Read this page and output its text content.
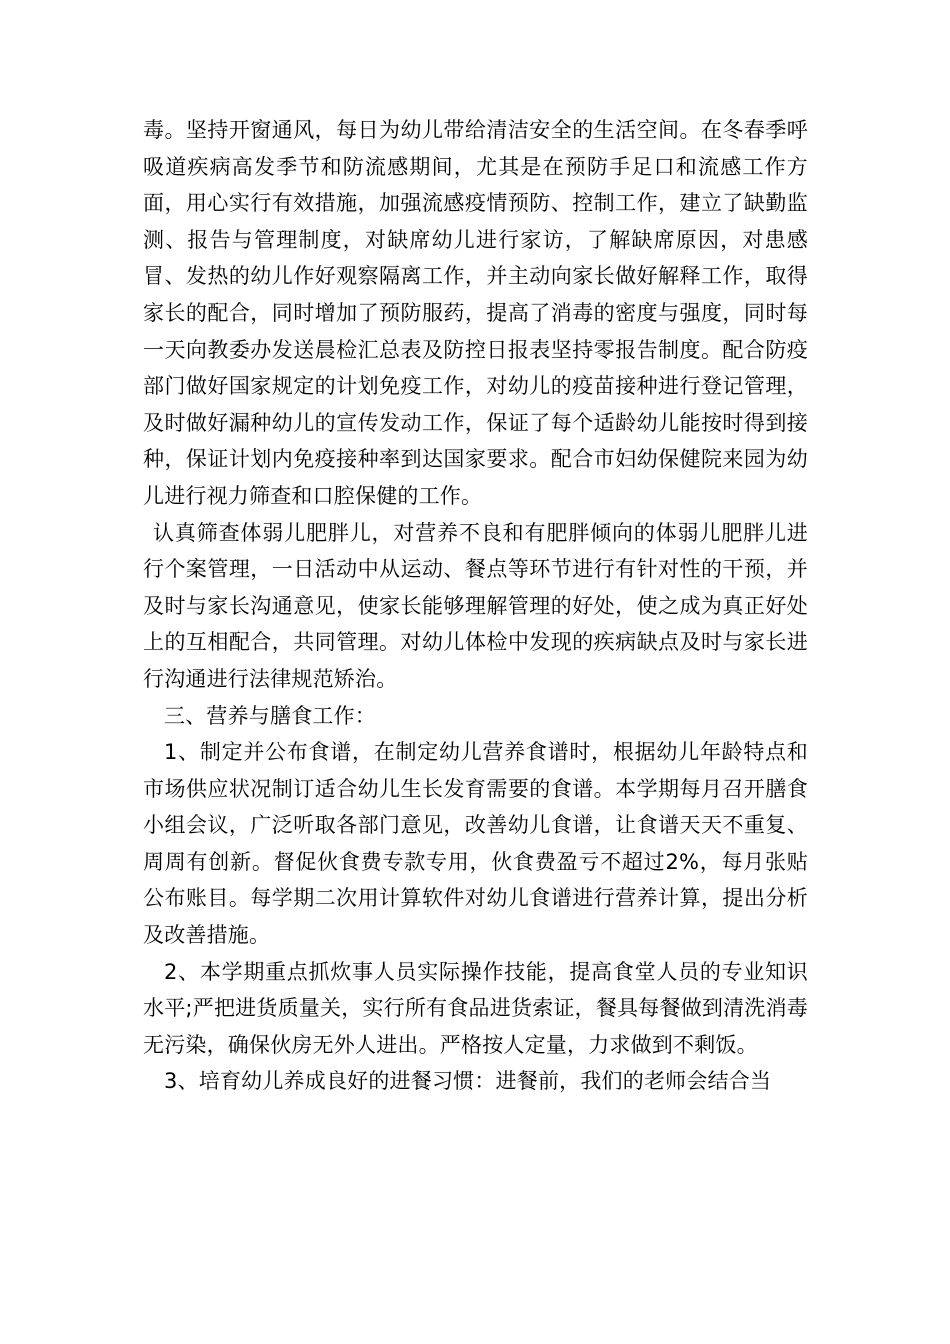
毒。坚持开窗通风，每日为幼儿带给清洁安全的生活空间。在冬春季呼吸道疾病高发季节和防流感期间，尤其是在预防手足口和流感工作方面，用心实行有效措施，加强流感疫情预防、控制工作，建立了缺勤监测、报告与管理制度，对缺席幼儿进行家访，了解缺席原因，对患感冒、发热的幼儿作好观察隔离工作，并主动向家长做好解释工作，取得家长的配合，同时增加了预防服药，提高了消毒的密度与强度，同时每一天向教委办发送晨检汇总表及防控日报表坚持零报告制度。配合防疫部门做好国家规定的计划免疫工作，对幼儿的疫苗接种进行登记管理，及时做好漏种幼儿的宣传发动工作，保证了每个适龄幼儿能按时得到接种，保证计划内免疫接种率到达国家要求。配合市妇幼保健院来园为幼儿进行视力筛查和口腔保健的工作。

认真筛查体弱儿肥胖儿，对营养不良和有肥胖倾向的体弱儿肥胖儿进行个案管理，一日活动中从运动、餐点等环节进行有针对性的干预，并及时与家长沟通意见，使家长能够理解管理的好处，使之成为真正好处上的互相配合，共同管理。对幼儿体检中发现的疾病缺点及时与家长进行沟通进行法律规范矫治。

三、营养与膳食工作：

1、制定并公布食谱，在制定幼儿营养食谱时，根据幼儿年龄特点和市场供应状况制订适合幼儿生长发育需要的食谱。本学期每月召开膳食小组会议，广泛听取各部门意见，改善幼儿食谱，让食谱天天不重复、周周有创新。督促伙食费专款专用，伙食费盈亏不超过2%，每月张贴公布账目。每学期二次用计算软件对幼儿食谱进行营养计算，提出分析及改善措施。

2、本学期重点抓炊事人员实际操作技能，提高食堂人员的专业知识水平;严把进货质量关，实行所有食品进货索证，餐具每餐做到清洗消毒无污染，确保伙房无外人进出。严格按人定量，力求做到不剩饭。

3、培育幼儿养成良好的进餐习惯：进餐前，我们的老师会结合当
